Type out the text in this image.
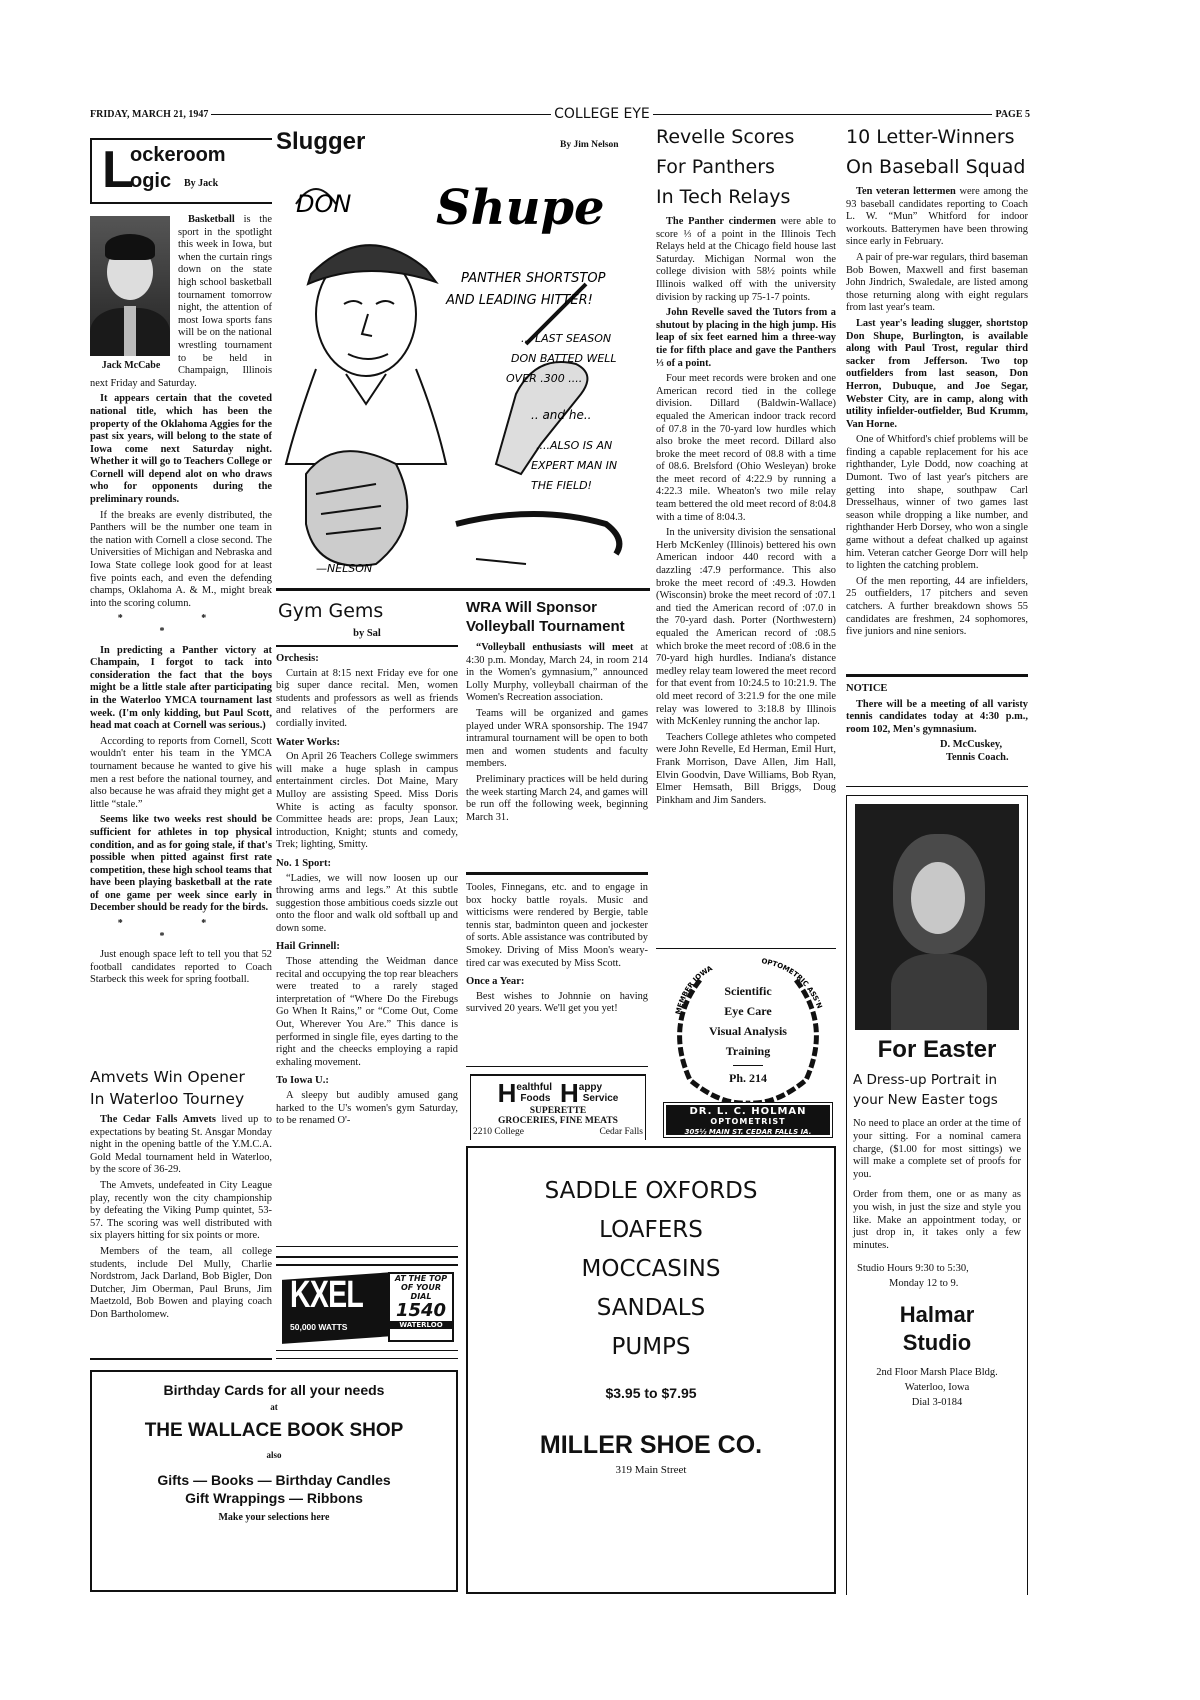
FRIDAY, MARCH 21, 1947	COLLEGE EYE	PAGE 5
L
ockeroom
ogic By Jack
Jack McCabe

Basketball is the sport in the spotlight this week in Iowa, but when the curtain rings down on the state high school basketball tournament tomorrow night, the attention of most Iowa sports fans will be on the national wrestling tournament to be held in Champaign, Illinois next Friday and Saturday.

It appears certain that the coveted national title, which has been the property of the Oklahoma Aggies for the past six years, will belong to the state of Iowa come next Saturday night. Whether it will go to Teachers College or Cornell will depend alot on who draws who for opponents during the preliminary rounds.

If the breaks are evenly distributed, the Panthers will be the number one team in the nation with Cornell a close second. The Universities of Michigan and Nebraska and Iowa State college look good for at least five points each, and even the defending champs, Oklahoma A. & M., might break into the scoring column.

* * *

In predicting a Panther victory at Champain, I forgot to tack into consideration the fact that the boys might be a little stale after participating in the Waterloo YMCA tournament last week. (I'm only kidding, but Paul Scott, head mat coach at Cornell was serious.)

According to reports from Cornell, Scott wouldn't enter his team in the YMCA tournament because he wanted to give his men a rest before the national tourney, and also because he was afraid they might get a little “stale.”

Seems like two weeks rest should be sufficient for athletes in top physical condition, and as for going stale, if that's possible when pitted against first rate competition, these high school teams that have been playing basketball at the rate of one game per week since early in December should be ready for the birds.

* * *

Just enough space left to tell you that 52 football candidates reported to Coach Starbeck this week for spring football.

Amvets Win Opener
In Waterloo Tourney

The Cedar Falls Amvets lived up to expectations by beating St. Ansgar Monday night in the opening battle of the Y.M.C.A. Gold Medal tournament held in Waterloo, by the score of 36-29.

The Amvets, undefeated in City League play, recently won the city championship by defeating the Viking Pump quintet, 53-57. The scoring was well distributed with six players hitting for six points or more.

Members of the team, all college students, include Del Mully, Charlie Nordstrom, Jack Darland, Bob Bigler, Don Dutcher, Jim Oberman, Paul Bruns, Jim Maetzold, Bob Bowen and playing coach Don Bartholomew.

Slugger	By Jim Nelson
DON Shupe
PANTHER SHORTSTOP
AND LEADING HITTER!
... LAST SEASON
DON BATTED WELL
OVER .300 ....
.. and he..
....ALSO IS AN
EXPERT MAN IN
THE FIELD!
—NELSON
Gym Gems
by Sal
Orchesis:

Curtain at 8:15 next Friday eve for one big super dance recital. Men, women students and professors as well as friends and relatives of the performers are cordially invited.

Water Works:

On April 26 Teachers College swimmers will make a huge splash in campus entertainment circles. Dot Maine, Mary Mulloy are assisting Speed. Miss Doris White is acting as faculty sponsor. Committee heads are: props, Jean Laux; introduction, Knight; stunts and comedy, Trek; lighting, Smitty.

No. 1 Sport:

“Ladies, we will now loosen up our throwing arms and legs.” At this subtle suggestion those ambitious coeds sizzle out onto the floor and walk old softball up and down some.

Hail Grinnell:

Those attending the Weidman dance recital and occupying the top rear bleachers were treated to a rarely staged interpretation of “Where Do the Firebugs Go When It Rains,” or “Come Out, Come Out, Wherever You Are.” This dance is performed in single file, eyes darting to the right and the cheecks employing a rapid exhaling movement.

To Iowa U.:

A sleepy but audibly amused gang harked to the U's women's gym Saturday, to be renamed O'-

KXEL
50,000 WATTS
AT THE TOP
OF YOUR
DIAL
1540
WATERLOO
Birthday Cards for all your needs
at
THE WALLACE BOOK SHOP
also
Gifts — Books — Birthday Candles
Gift Wrappings — Ribbons
Make your selections here
WRA Will Sponsor
Volleyball Tournament

“Volleyball enthusiasts will meet at 4:30 p.m. Monday, March 24, in room 214 in the Women's gymnasium,” announced Lolly Murphy, volleyball chairman of the Women's Recreation association.

Teams will be organized and games played under WRA sponsorship. The 1947 intramural tournament will be open to both men and women students and faculty members.

Preliminary practices will be held during the week starting March 24, and games will be run off the following week, beginning March 31.

Tooles, Finnegans, etc. and to engage in box hocky battle royals. Music and witticisms were rendered by Bergie, table tennis star, badminton queen and jockester of sorts. Able assistance was contributed by Smokey. Driving of Miss Moon's weary-tired car was executed by Miss Scott.

Once a Year:

Best wishes to Johnnie on having survived 20 years. We'll get you yet!

H ealthful
Foods H appy
Service
SUPERETTE
GROCERIES, FINE MEATS
2210 College	Cedar Falls
SADDLE OXFORDS
LOAFERS
MOCCASINS
SANDALS
PUMPS
$3.95 to $7.95
MILLER SHOE CO.
319 Main Street
Revelle Scores
For Panthers
In Tech Relays

The Panther cindermen were able to score ⅓ of a point in the Illinois Tech Relays held at the Chicago field house last Saturday. Michigan Normal won the college division with 58½ points while Illinois walked off with the university division by racking up 75-1-7 points.

John Revelle saved the Tutors from a shutout by placing in the high jump. His leap of six feet earned him a three-way tie for fifth place and gave the Panthers ⅓ of a point.

Four meet records were broken and one American record tied in the college division. Dillard (Baldwin-Wallace) equaled the American indoor track record of 07.8 in the 70-yard low hurdles which also broke the meet record. Dillard also broke the meet record of 08.8 with a time of 08.6. Brelsford (Ohio Wesleyan) broke the meet record of 4:22.9 by running a 4:22.3 mile. Wheaton's two mile relay team bettered the old meet record of 8:04.8 with a time of 8:04.3.

In the university division the sensational Herb McKenley (Illinois) bettered his own American indoor 440 record with a dazzling :47.9 performance. This also broke the meet record of :49.3. Howden (Wisconsin) broke the meet record of :07.1 and tied the American record of :07.0 in the 70-yard dash. Porter (Northwestern) equaled the American record of :08.5 which broke the meet record of :08.6 in the 70-yard high hurdles. Indiana's distance medley relay team lowered the meet record for that event from 10:24.5 to 10:21.9. The old meet record of 3:21.9 for the one mile relay was lowered to 3:18.8 by Illinois with McKenley running the anchor lap.

Teachers College athletes who competed were John Revelle, Ed Herman, Emil Hurt, Frank Morrison, Dave Allen, Jim Hall, Elvin Goodvin, Dave Williams, Bob Ryan, Elmer Hemsath, Bill Briggs, Doug Pinkham and Jim Sanders.

MEMBER IOWA
OPTOMETRIC ASS'N
Scientific
Eye Care
Visual Analysis
Training
Ph. 214
DR. L. C. HOLMAN
OPTOMETRIST
305½ MAIN ST. CEDAR FALLS IA.
10 Letter-Winners
On Baseball Squad

Ten veteran lettermen were among the 93 baseball candidates reporting to Coach L. W. “Mun” Whitford for indoor workouts. Batterymen have been throwing since early in February.

A pair of pre-war regulars, third baseman Bob Bowen, Maxwell and first baseman John Jindrich, Swaledale, are listed among those returning along with eight regulars from last year's team.

Last year's leading slugger, shortstop Don Shupe, Burlington, is available along with Paul Trost, regular third sacker from Jefferson. Two top outfielders from last season, Don Herron, Dubuque, and Joe Segar, Webster City, are in camp, along with utility infielder-outfielder, Bud Krumm, Van Horne.

One of Whitford's chief problems will be finding a capable replacement for his ace righthander, Lyle Dodd, now coaching at Dumont. Two of last year's pitchers are getting into shape, southpaw Carl Dresselhaus, winner of two games last season while dropping a like number, and righthander Herb Dorsey, who won a single game without a defeat chalked up against him. Veteran catcher George Dorr will help to lighten the catching problem.

Of the men reporting, 44 are infielders, 25 outfielders, 17 pitchers and seven catchers. A further breakdown shows 55 candidates are freshmen, 24 sophomores, five juniors and nine seniors.

NOTICE

There will be a meeting of all varisty tennis candidates today at 4:30 p.m., room 102, Men's gymnasium.

D. McCuskey,
Tennis Coach.
For Easter
A Dress-up Portrait in
your New Easter togs

No need to place an order at the time of your sitting. For a nominal camera charge, ($1.00 for most sittings) we will make a complete set of proofs for you.

Order from them, one or as many as you wish, in just the size and style you like. Make an appointment today, or just drop in, it takes only a few minutes.

Studio Hours 9:30 to 5:30,
Monday 12 to 9.
Halmar
Studio
2nd Floor Marsh Place Bldg.
Waterloo, Iowa
Dial 3-0184
